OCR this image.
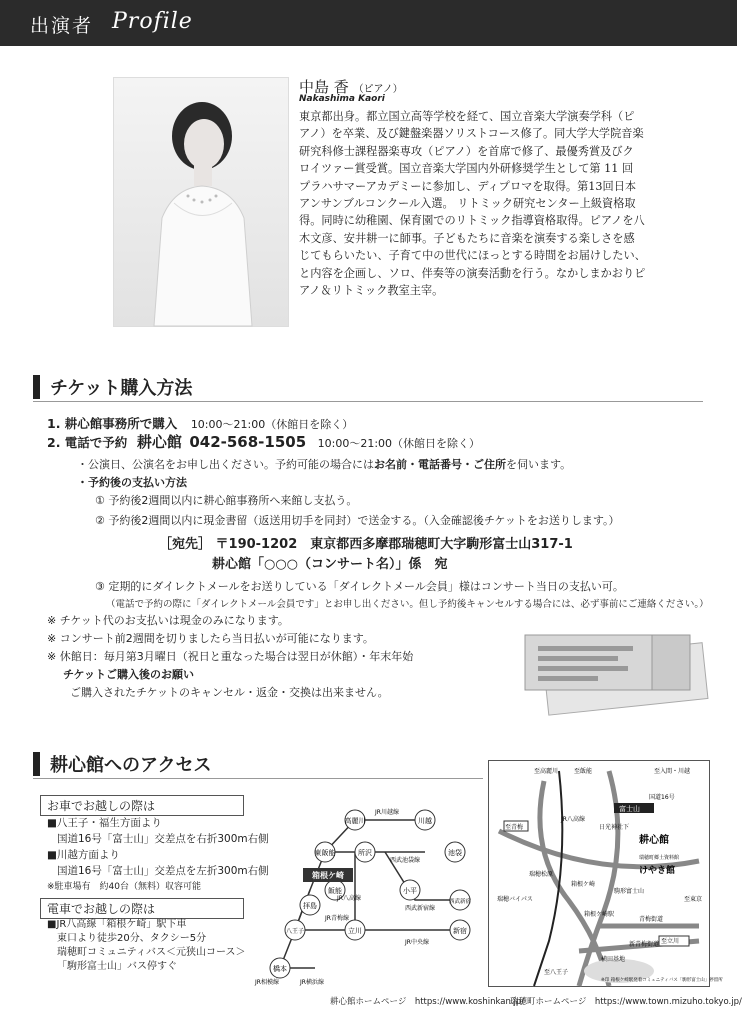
出演者 Profile
中島 香 （ピアノ）
Nakashima Kaori
東京都出身。都立国立高等学校を経て、国立音楽大学演奏学科（ピ
アノ）を卒業、及び鍵盤楽器ソリストコース修了。同大学大学院音楽
研究科修士課程器楽専攻（ピアノ）を首席で修了、最優秀賞及びク
ロイツァー賞受賞。国立音楽大学国内外研修奨学生として第 11 回
プラハサマーアカデミーに参加し、ディプロマを取得。第13回日本
アンサンブルコンクール入選。 リトミック研究センター上級資格取
得。同時に幼稚園、保育園でのリトミック指導資格取得。ピアノを八
木文彦、安井耕一に師事。子どもたちに音楽を演奏する楽しさを感
じてもらいたい、子育て中の世代にほっとする時間をお届けしたい、
と内容を企画し、ソロ、伴奏等の演奏活動を行う。なかしまかおりピ
アノ＆リトミック教室主宰。
チケット購入方法
1. 耕心館事務所で購入 10:00～21:00（休館日を除く）
2. 電話で予約 耕心館 042-568-1505 10:00～21:00（休館日を除く）
・公演日、公演名をお申し出ください。予約可能の場合にはお名前・電話番号・ご住所を伺います。
・予約後の支払い方法
① 予約後2週間以内に耕心館事務所へ来館し支払う。
② 予約後2週間以内に現金書留（返送用切手を同封）で送金する。（入金確認後チケットをお送りします。）
［宛先］ 〒190-1202　東京都西多摩郡瑞穂町大字駒形富士山317-1
耕心館「○○○（コンサート名）」係　宛
③ 定期的にダイレクトメールをお送りしている「ダイレクトメール会員」様はコンサート当日の支払い可。
（電話で予約の際に「ダイレクトメール会員です」とお申し出ください。但し予約後キャンセルする場合には、必ず事前にご連絡ください。）
※ チケット代のお支払いは現金のみになります。
※ コンサート前2週間を切りましたら当日払いが可能になります。
※ 休館日：毎月第3月曜日（祝日と重なった場合は翌日が休館）・年末年始
チケットご購入後のお願い
ご購入されたチケットのキャンセル・返金・交換は出来ません。
耕心館へのアクセス
お車でお越しの際は
■八王子・福生方面より
国道16号「富士山」交差点を右折300m右側
■川越方面より
国道16号「富士山」交差点を左折300m右側
※駐車場有　約40台（無料）収容可能
電車でお越しの際は
■JR八高線「箱根ケ崎」駅下車
東口より徒歩20分、タクシー5分
瑞穂町コミュニティバス＜元狭山コース＞
「駒形富士山」バス停すぐ
高麗川	川越
東飯能
飯能
所沢	池袋
箱根ケ崎
小平
拝島	西武新宿
八王子	立川	新宿
橋本
JR川越線
西武池袋線
JR八高線
JR青梅線
西武新宿線
JR中央線
JR相模線	JR横浜線
至高麗川	至飯能	至入間・川越
富士山
至青梅
耕心館
けやき館
瑞穂町郷土資料館
箱根ケ崎
至八王子
横田基地
国道16号
JR八高線
瑞穂松原
日光神社下
箱根ケ崎駅
駒形富士山
瑞穂バイパス
青梅街道
新青梅街道 至立川
至東京
※印 箱根ケ崎駅発着コミュニティバス「駒形富士山」停留所
耕心館ホームページ　https://www.koshinkan.jp/
瑞穂町ホームページ　https://www.town.mizuho.tokyo.jp/
